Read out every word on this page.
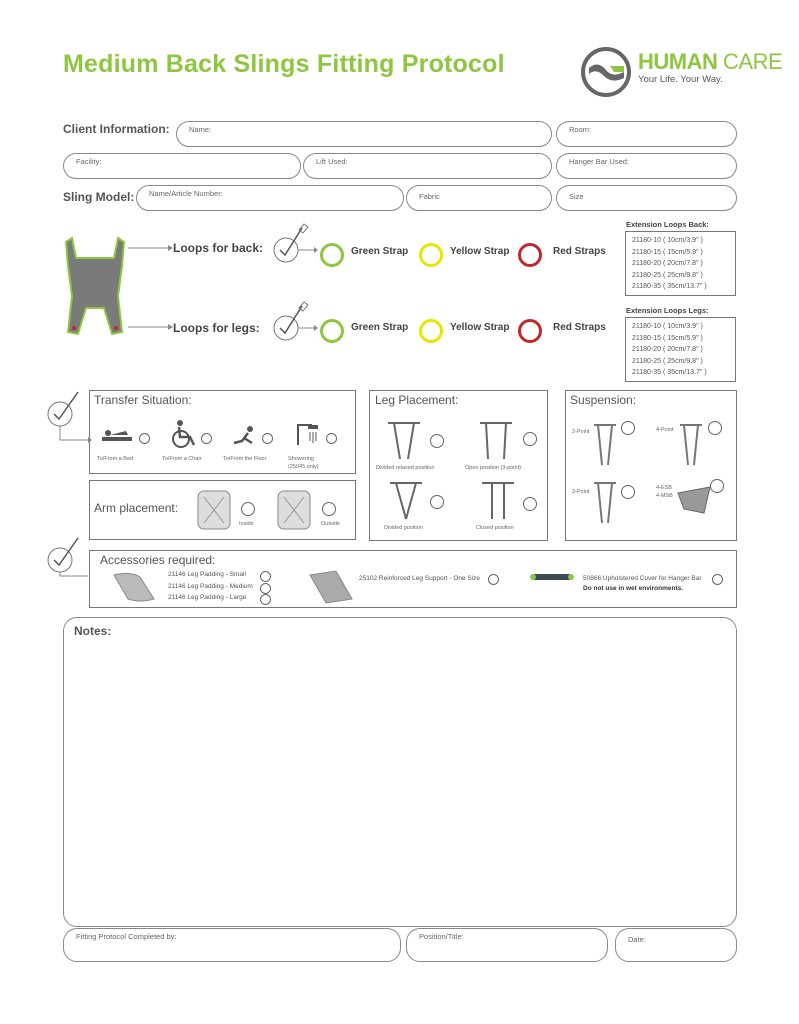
Medium Back Slings Fitting Protocol	HUMAN CARE
Your Life. Your Way.
Client Information:	Name:	Room:
Facility:	Lift Used:	Hanger Bar Used:
Sling Model: Name/Article Number:	Fabric	Size
Loops for back:
Loops for legs:
Green Strap	Yellow Strap	Red Straps
Green Strap	Yellow Strap	Red Straps
Extension Loops Back:
21180-10 ( 10cm/3.9" )
21180-15 ( 15cm/5.9" )
21180-20 ( 20cm/7.8" )
21180-25 ( 25cm/9.8" )
21180-35 ( 35cm/13.7" )
Extension Loops Legs:
21180-10 ( 10cm/3.9" )
21180-15 ( 15cm/5.9" )
21180-20 ( 20cm/7.8" )
21180-25 ( 25cm/9.8" )
21180-35 ( 35cm/13.7" )
Transfer Situation:
To/From a Bed	To/From a Chair	To/From the Floor	Showering
(25045 only)
Arm placement:
Inside	Outside
Leg Placement:
Divided relaxed position	Open position (3-point)
Divided position	Closed position
Suspension:
2-Point	4-Point
3-Point
4-ESB
4-MSB
Accessories required:
21146 Leg Padding - Small
21146 Leg Padding - Medium
21146 Leg Padding - Large
25102 Reinforced Leg Support - One Size	50866 Upholstered Cover for Hanger Bar
Do not use in wet environments.
Notes:
Fitting Protocol Completed by:	Position/Title:	Date:
